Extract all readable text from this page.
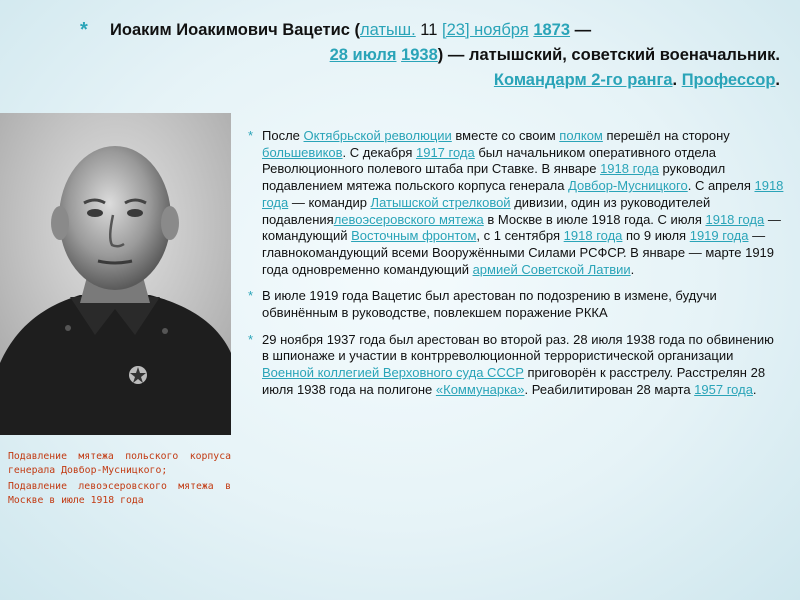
*	Иоаким Иоакимович Вацетис (латыш. 11 [23] ноября 1873 —
28 июля 1938) — латышский, советский военачальник.
Командарм 2-го ранга. Профессор.

Подавление мятежа польского корпуса генерала Довбор-Мусницкого;

Подавление левоэсеровского мятежа в Москве в июле 1918 года

* После Октябрьской революции вместе со своим полком перешёл на сторону большевиков. С декабря 1917 года был начальником оперативного отдела Революционного полевого штаба при Ставке. В январе 1918 года руководил подавлением мятежа польского корпуса генерала Довбор-Мусницкого. С апреля 1918 года — командир Латышской стрелковой дивизии, один из руководителей подавлениялевоэсеровского мятежа в Москве в июле 1918 года. С июля 1918 года — командующий Восточным фронтом, с 1 сентября 1918 года по 9 июля 1919 года — главнокомандующий всеми Вооружёнными Силами РСФСР. В январе — марте 1919 года одновременно командующий армией Советской Латвии.
* В июле 1919 года Вацетис был арестован по подозрению в измене, будучи обвинённым в руководстве, повлекшем поражение РККА
* 29 ноября 1937 года был арестован во второй раз. 28 июля 1938 года по обвинению в шпионаже и участии в контрреволюционной террористической организации Военной коллегией Верховного суда СССР приговорён к расстрелу. Расстрелян 28 июля 1938 года на полигоне «Коммунарка». Реабилитирован 28 марта 1957 года.
